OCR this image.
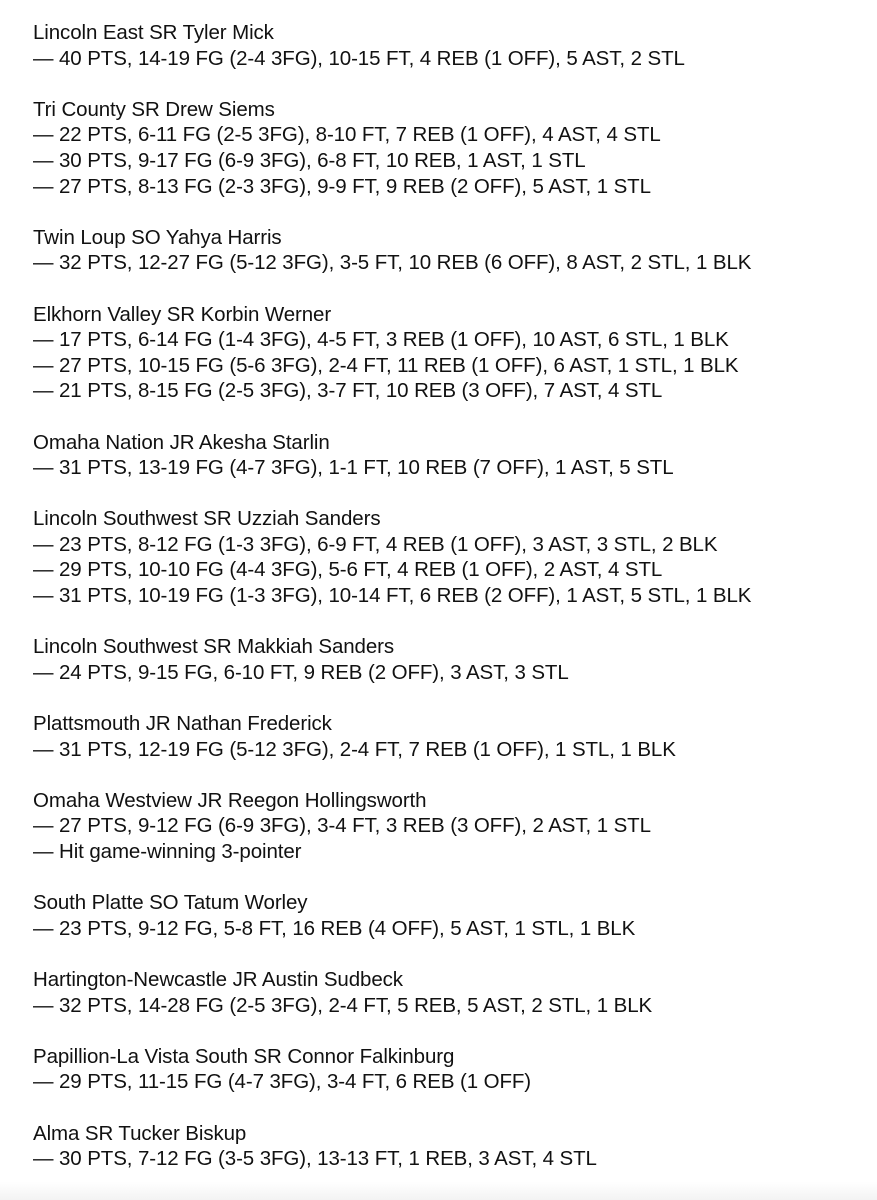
Lincoln East SR Tyler Mick
— 40 PTS, 14-19 FG (2-4 3FG), 10-15 FT, 4 REB (1 OFF), 5 AST, 2 STL
Tri County SR Drew Siems
— 22 PTS, 6-11 FG (2-5 3FG), 8-10 FT, 7 REB (1 OFF), 4 AST, 4 STL
— 30 PTS, 9-17 FG (6-9 3FG), 6-8 FT, 10 REB, 1 AST, 1 STL
— 27 PTS, 8-13 FG (2-3 3FG), 9-9 FT, 9 REB (2 OFF), 5 AST, 1 STL
Twin Loup SO Yahya Harris
— 32 PTS, 12-27 FG (5-12 3FG), 3-5 FT, 10 REB (6 OFF), 8 AST, 2 STL, 1 BLK
Elkhorn Valley SR Korbin Werner
— 17 PTS, 6-14 FG (1-4 3FG), 4-5 FT, 3 REB (1 OFF), 10 AST, 6 STL, 1 BLK
— 27 PTS, 10-15 FG (5-6 3FG), 2-4 FT, 11 REB (1 OFF), 6 AST, 1 STL, 1 BLK
— 21 PTS, 8-15 FG (2-5 3FG), 3-7 FT, 10 REB (3 OFF), 7 AST, 4 STL
Omaha Nation JR Akesha Starlin
— 31 PTS, 13-19 FG (4-7 3FG), 1-1 FT, 10 REB (7 OFF), 1 AST, 5 STL
Lincoln Southwest SR Uzziah Sanders
— 23 PTS, 8-12 FG (1-3 3FG), 6-9 FT, 4 REB (1 OFF), 3 AST, 3 STL, 2 BLK
— 29 PTS, 10-10 FG (4-4 3FG), 5-6 FT, 4 REB (1 OFF), 2 AST, 4 STL
— 31 PTS, 10-19 FG (1-3 3FG), 10-14 FT, 6 REB (2 OFF), 1 AST, 5 STL, 1 BLK
Lincoln Southwest SR Makkiah Sanders
— 24 PTS, 9-15 FG, 6-10 FT, 9 REB (2 OFF), 3 AST, 3 STL
Plattsmouth JR Nathan Frederick
— 31 PTS, 12-19 FG (5-12 3FG), 2-4 FT, 7 REB (1 OFF), 1 STL, 1 BLK
Omaha Westview JR Reegon Hollingsworth
— 27 PTS, 9-12 FG (6-9 3FG), 3-4 FT, 3 REB (3 OFF), 2 AST, 1 STL
— Hit game-winning 3-pointer
South Platte SO Tatum Worley
— 23 PTS, 9-12 FG, 5-8 FT, 16 REB (4 OFF), 5 AST, 1 STL, 1 BLK
Hartington-Newcastle JR Austin Sudbeck
— 32 PTS, 14-28 FG (2-5 3FG), 2-4 FT, 5 REB, 5 AST, 2 STL, 1 BLK
Papillion-La Vista South SR Connor Falkinburg
— 29 PTS, 11-15 FG (4-7 3FG), 3-4 FT, 6 REB (1 OFF)
Alma SR Tucker Biskup
— 30 PTS, 7-12 FG (3-5 3FG), 13-13 FT, 1 REB, 3 AST, 4 STL
